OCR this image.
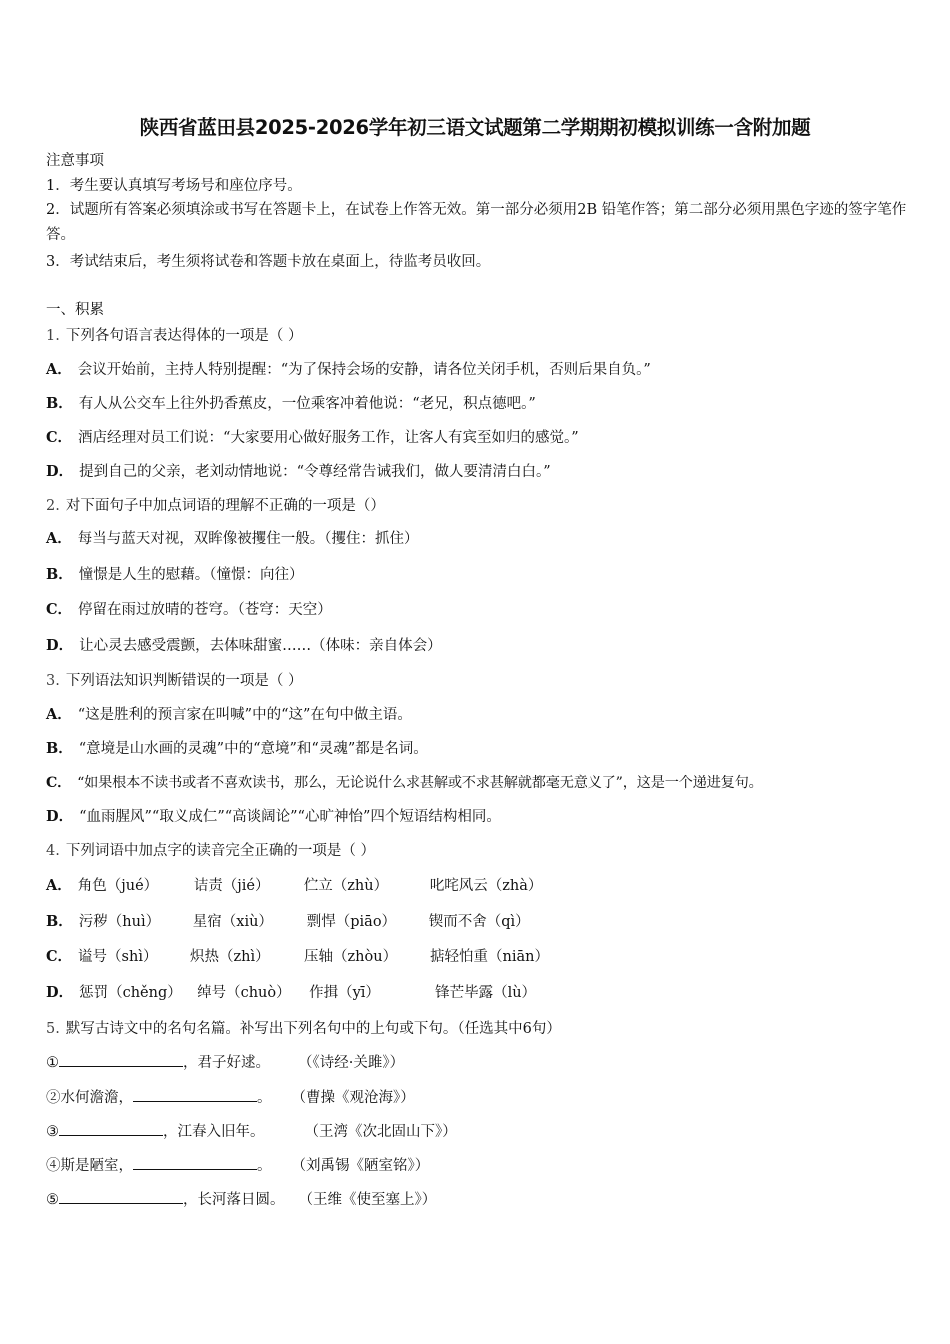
陕西省蓝田县2025-2026学年初三语文试题第二学期期初模拟训练一含附加题
注意事项
1．考生要认真填写考场号和座位序号。
2．试题所有答案必须填涂或书写在答题卡上，在试卷上作答无效。第一部分必须用2B 铅笔作答；第二部分必须用黑色字迹的签字笔作答。
3．考试结束后，考生须将试卷和答题卡放在桌面上，待监考员收回。
一、积累
1. 下列各句语言表达得体的一项是（ ）
A． 会议开始前，主持人特别提醒：“为了保持会场的安静，请各位关闭手机，否则后果自负。”
B． 有人从公交车上往外扔香蕉皮，一位乘客冲着他说：“老兄，积点德吧。”
C． 酒店经理对员工们说：“大家要用心做好服务工作，让客人有宾至如归的感觉。”
D． 提到自己的父亲，老刘动情地说：“令尊经常告诫我们，做人要清清白白。”
2. 对下面句子中加点词语的理解不正确的一项是（）
A． 每当与蓝天对视，双眸像被攫住一般。（攫住：抓住）
B． 憧憬是人生的慰藉。（憧憬：向往）
C． 停留在雨过放晴的苍穹。（苍穹：天空）
D． 让心灵去感受震颤，去体味甜蜜……（体味：亲自体会）
3. 下列语法知识判断错误的一项是（ ）
A． “这是胜利的预言家在叫喊”中的“这”在句中做主语。
B． “意境是山水画的灵魂”中的“意境”和“灵魂”都是名词。
C． “如果根本不读书或者不喜欢读书，那么，无论说什么求甚解或不求甚解就都毫无意义了”，这是一个递进复句。
D． “血雨腥风”“取义成仁”“高谈阔论”“心旷神怡”四个短语结构相同。
4. 下列词语中加点字的读音完全正确的一项是（ ）
A． 角色（jué） 诘责（jié） 伫立（zhù）	叱咤风云（zhà）
B． 污秽（huì） 星宿（xiù） 剽悍（piāo） 锲而不舍（qì）
C． 谥号（shì） 炽热（zhì） 压轴（zhòu） 掂轻怕重（niān）
D． 惩罚（chěng） 绰号（chuò） 作揖（yī）	锋芒毕露（lù）
5. 默写古诗文中的名句名篇。补写出下列名句中的上句或下句。（任选其中6句）
①	，君子好逑。 （《诗经·关雎》）
②水何澹澹，	。 （曹操《观沧海》）
③	，江春入旧年。	（王湾《次北固山下》）
④斯是陋室，	。 （刘禹锡《陋室铭》）
⑤	，长河落日圆。 （王维《使至塞上》）
